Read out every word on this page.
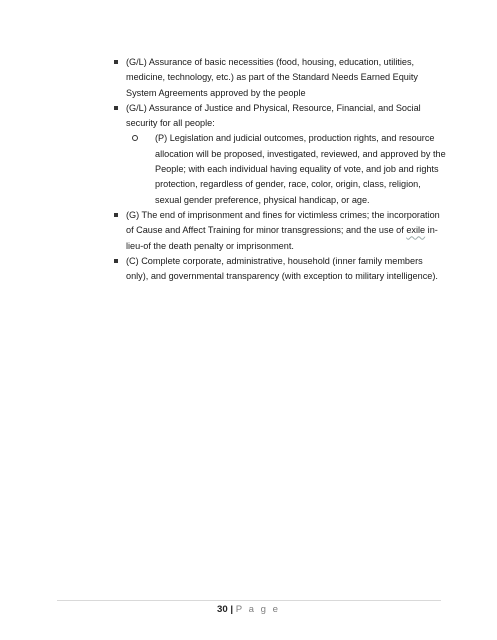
(G/L) Assurance of basic necessities (food, housing, education, utilities, medicine, technology, etc.) as part of the Standard Needs Earned Equity System Agreements approved by the people
(G/L) Assurance of Justice and Physical, Resource, Financial, and Social security for all people:
(P) Legislation and judicial outcomes, production rights, and resource allocation will be proposed, investigated, reviewed, and approved by the People; with each individual having equality of vote, and job and rights protection, regardless of gender, race, color, origin, class, religion, sexual gender preference, physical handicap, or age.
(G) The end of imprisonment and fines for victimless crimes; the incorporation of Cause and Affect Training for minor transgressions; and the use of exile in-lieu-of the death penalty or imprisonment.
(C) Complete corporate, administrative, household (inner family members only), and governmental transparency (with exception to military intelligence).
30 | P a g e
